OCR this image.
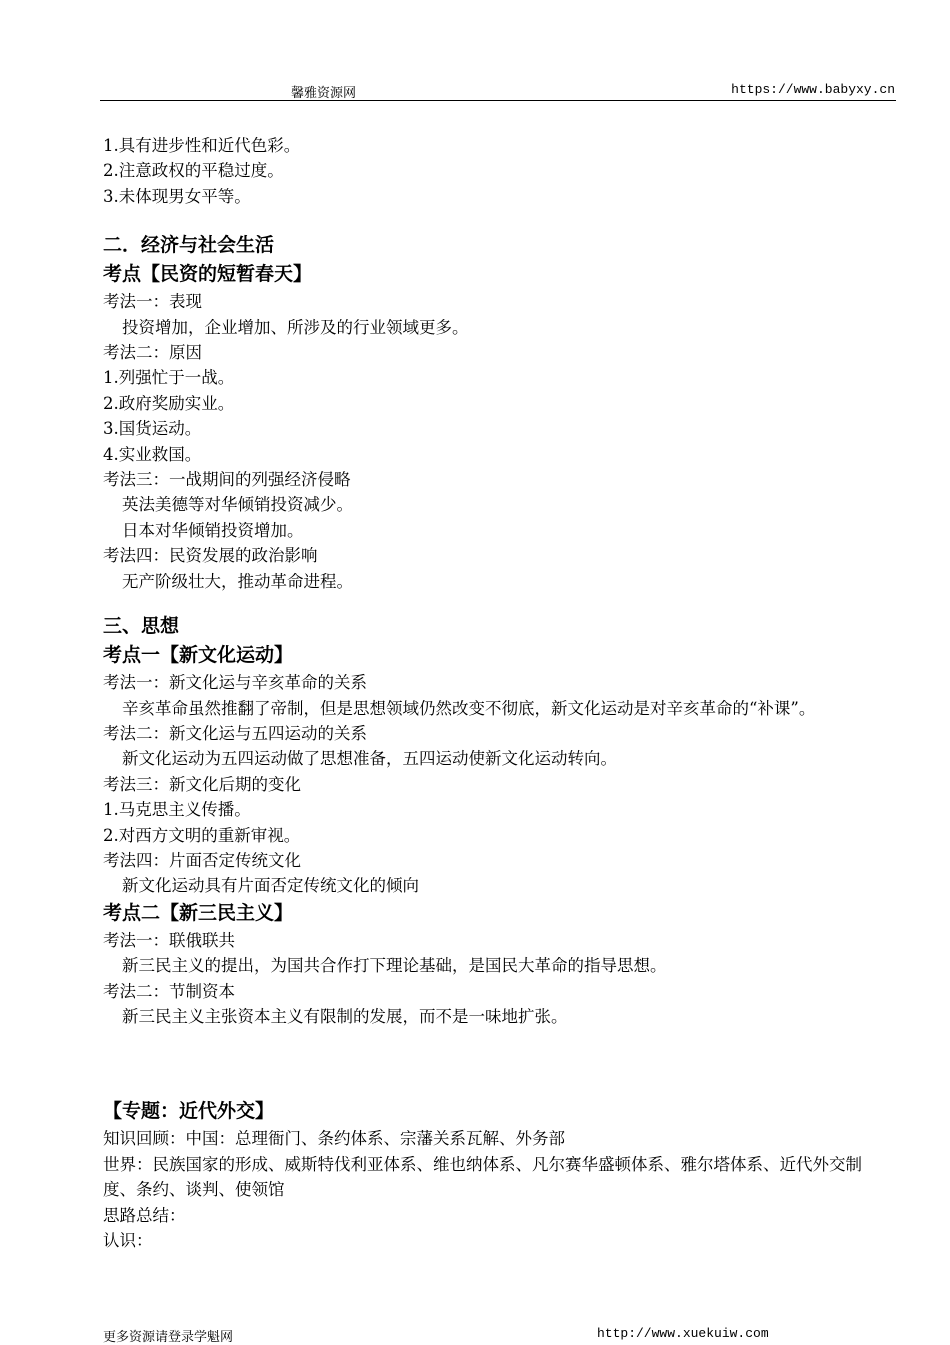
馨雅资源网	https://www.babyxy.cn
1.具有进步性和近代色彩。
2.注意政权的平稳过度。
3.未体现男女平等。
二．经济与社会生活
考点【民资的短暂春天】
考法一：表现
投资增加，企业增加、所涉及的行业领域更多。
考法二：原因
1.列强忙于一战。
2.政府奖励实业。
3.国货运动。
4.实业救国。
考法三：一战期间的列强经济侵略
英法美德等对华倾销投资减少。
日本对华倾销投资增加。
考法四：民资发展的政治影响
无产阶级壮大，推动革命进程。
三、思想
考点一【新文化运动】
考法一：新文化运与辛亥革命的关系
辛亥革命虽然推翻了帝制，但是思想领域仍然改变不彻底，新文化运动是对辛亥革命的“补课”。
考法二：新文化运与五四运动的关系
新文化运动为五四运动做了思想准备，五四运动使新文化运动转向。
考法三：新文化后期的变化
1.马克思主义传播。
2.对西方文明的重新审视。
考法四：片面否定传统文化
新文化运动具有片面否定传统文化的倾向
考点二【新三民主义】
考法一：联俄联共
新三民主义的提出，为国共合作打下理论基础，是国民大革命的指导思想。
考法二：节制资本
新三民主义主张资本主义有限制的发展，而不是一味地扩张。
【专题：近代外交】
知识回顾：中国：总理衙门、条约体系、宗藩关系瓦解、外务部
世界：民族国家的形成、威斯特伐利亚体系、维也纳体系、凡尔赛华盛顿体系、雅尔塔体系、近代外交制度、条约、谈判、使领馆
思路总结：
认识：
更多资源请登录学魁网	http://www.xuekuiw.com
